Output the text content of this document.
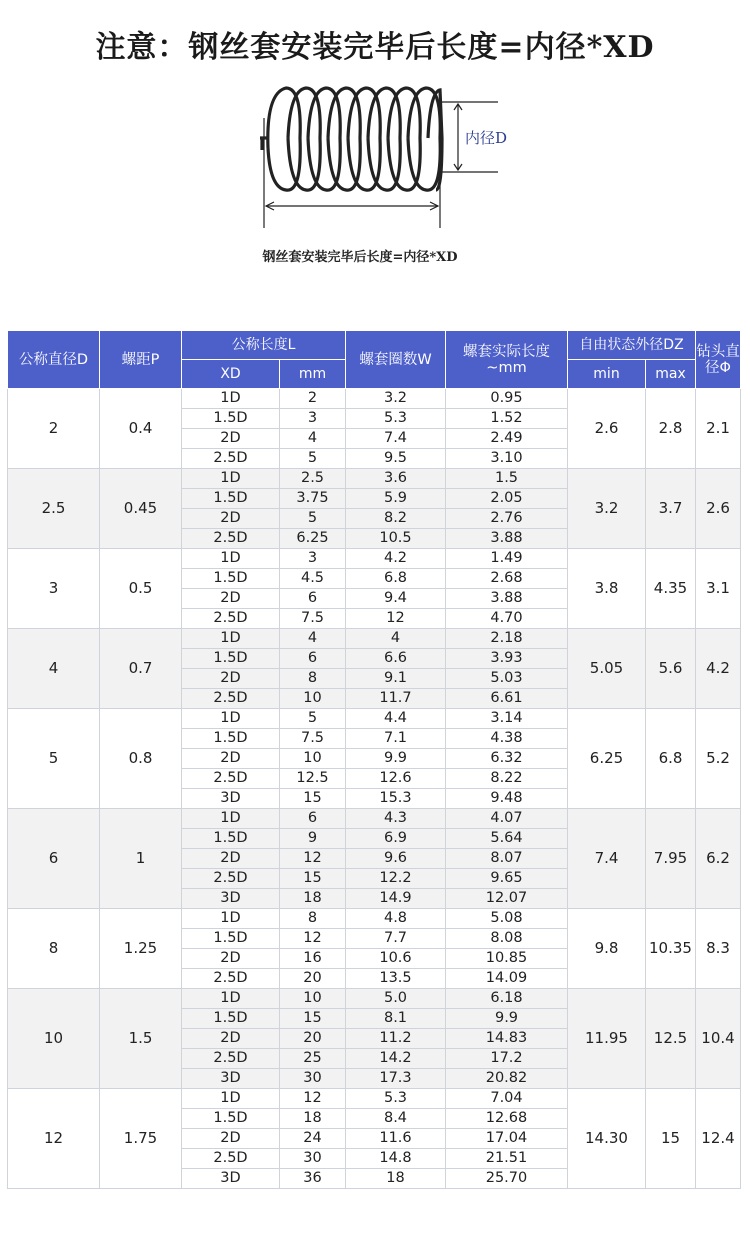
注意：钢丝套安装完毕后长度=内径*XD
内径D
钢丝套安装完毕后长度=内径*XD
公称直径D	螺距P	公称长度L		螺套圈数W	螺套实际长度~mm	自由状态外径DZ		钻头直径Φ
		XD	mm			min	max	
2	0.4	1D	2	3.2	0.95	2.6	2.8	2.1
		1.5D	3	5.3	1.52			
		2D	4	7.4	2.49			
		2.5D	5	9.5	3.10			
2.5	0.45	1D	2.5	3.6	1.5	3.2	3.7	2.6
		1.5D	3.75	5.9	2.05			
		2D	5	8.2	2.76			
		2.5D	6.25	10.5	3.88			
3	0.5	1D	3	4.2	1.49	3.8	4.35	3.1
		1.5D	4.5	6.8	2.68			
		2D	6	9.4	3.88			
		2.5D	7.5	12	4.70			
4	0.7	1D	4	4	2.18	5.05	5.6	4.2
		1.5D	6	6.6	3.93			
		2D	8	9.1	5.03			
		2.5D	10	11.7	6.61			
5	0.8	1D	5	4.4	3.14	6.25	6.8	5.2
		1.5D	7.5	7.1	4.38			
		2D	10	9.9	6.32			
		2.5D	12.5	12.6	8.22			
		3D	15	15.3	9.48			
6	1	1D	6	4.3	4.07	7.4	7.95	6.2
		1.5D	9	6.9	5.64			
		2D	12	9.6	8.07			
		2.5D	15	12.2	9.65			
		3D	18	14.9	12.07			
8	1.25	1D	8	4.8	5.08	9.8	10.35	8.3
		1.5D	12	7.7	8.08			
		2D	16	10.6	10.85			
		2.5D	20	13.5	14.09			
10	1.5	1D	10	5.0	6.18	11.95	12.5	10.4
		1.5D	15	8.1	9.9			
		2D	20	11.2	14.83			
		2.5D	25	14.2	17.2			
		3D	30	17.3	20.82			
12	1.75	1D	12	5.3	7.04	14.30	15	12.4
		1.5D	18	8.4	12.68			
		2D	24	11.6	17.04			
		2.5D	30	14.8	21.51			
		3D	36	18	25.70			
